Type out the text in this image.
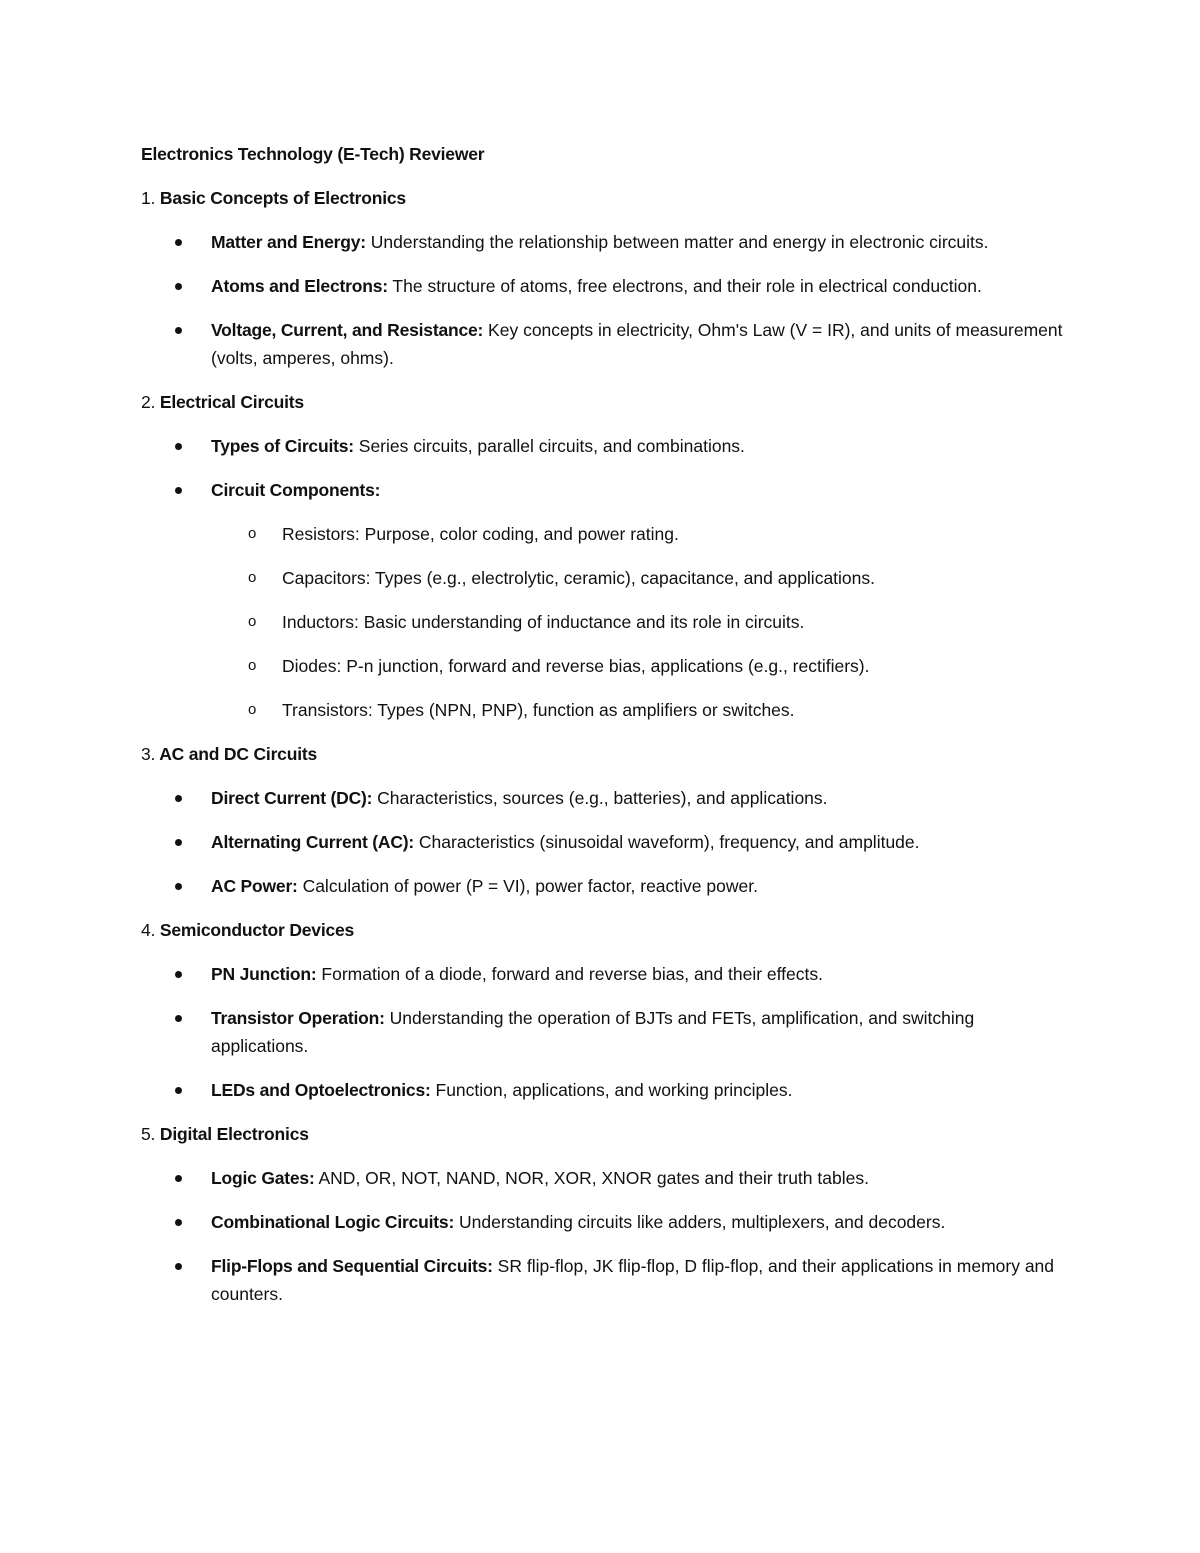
Electronics Technology (E-Tech) Reviewer

1. Basic Concepts of Electronics

Matter and Energy: Understanding the relationship between matter and energy in electronic circuits.
Atoms and Electrons: The structure of atoms, free electrons, and their role in electrical conduction.
Voltage, Current, and Resistance: Key concepts in electricity, Ohm's Law (V = IR), and units of measurement (volts, amperes, ohms).

2. Electrical Circuits

Types of Circuits: Series circuits, parallel circuits, and combinations.
Circuit Components:
o Resistors: Purpose, color coding, and power rating.
o Capacitors: Types (e.g., electrolytic, ceramic), capacitance, and applications.
o Inductors: Basic understanding of inductance and its role in circuits.
o Diodes: P-n junction, forward and reverse bias, applications (e.g., rectifiers).
o Transistors: Types (NPN, PNP), function as amplifiers or switches.

3. AC and DC Circuits

Direct Current (DC): Characteristics, sources (e.g., batteries), and applications.
Alternating Current (AC): Characteristics (sinusoidal waveform), frequency, and amplitude.
AC Power: Calculation of power (P = VI), power factor, reactive power.

4. Semiconductor Devices

PN Junction: Formation of a diode, forward and reverse bias, and their effects.
Transistor Operation: Understanding the operation of BJTs and FETs, amplification, and switching applications.
LEDs and Optoelectronics: Function, applications, and working principles.

5. Digital Electronics

Logic Gates: AND, OR, NOT, NAND, NOR, XOR, XNOR gates and their truth tables.
Combinational Logic Circuits: Understanding circuits like adders, multiplexers, and decoders.
Flip-Flops and Sequential Circuits: SR flip-flop, JK flip-flop, D flip-flop, and their applications in memory and counters.
